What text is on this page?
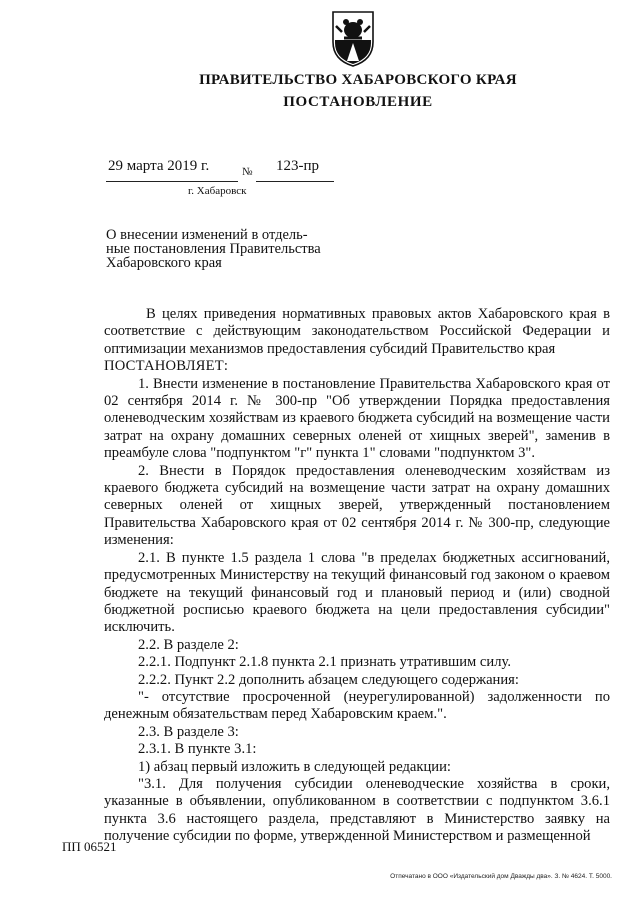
ПРАВИТЕЛЬСТВО ХАБАРОВСКОГО КРАЯ
ПОСТАНОВЛЕНИЕ
29 марта 2019 г.	№ 123-пр
г. Хабаровск
О внесении изменений в отдель-
ные постановления Правительства
Хабаровского края

В целях приведения нормативных правовых актов Хабаровского края в соответствие с действующим законодательством Российской Федерации и оптимизации механизмов предоставления субсидий Правительство края

ПОСТАНОВЛЯЕТ:

1. Внести изменение в постановление Правительства Хабаровского края от 02 сентября 2014 г. № 300-пр "Об утверждении Порядка предоставления оленеводческим хозяйствам из краевого бюджета субсидий на возмещение части затрат на охрану домашних северных оленей от хищных зверей", заменив в преамбуле слова "подпунктом "г" пункта 1" словами "подпунктом 3".

2. Внести в Порядок предоставления оленеводческим хозяйствам из краевого бюджета субсидий на возмещение части затрат на охрану домашних северных оленей от хищных зверей, утвержденный постановлением Правительства Хабаровского края от 02 сентября 2014 г. № 300-пр, следующие изменения:

2.1. В пункте 1.5 раздела 1 слова "в пределах бюджетных ассигнований, предусмотренных Министерству на текущий финансовый год законом о краевом бюджете на текущий финансовый год и плановый период и (или) сводной бюджетной росписью краевого бюджета на цели предоставления субсидии" исключить.

2.2. В разделе 2:

2.2.1. Подпункт 2.1.8 пункта 2.1 признать утратившим силу.

2.2.2. Пункт 2.2 дополнить абзацем следующего содержания:

"- отсутствие просроченной (неурегулированной) задолженности по денежным обязательствам перед Хабаровским краем.".

2.3. В разделе 3:

2.3.1. В пункте 3.1:

1) абзац первый изложить в следующей редакции:

"3.1. Для получения субсидии оленеводческие хозяйства в сроки, указанные в объявлении, опубликованном в соответствии с подпунктом 3.6.1 пункта 3.6 настоящего раздела, представляют в Министерство заявку на получение субсидии по форме, утвержденной Министерством и размещенной

ПП 06521
Отпечатано в ООО «Издательский дом Дважды два». З. № 4624. Т. 5000.
